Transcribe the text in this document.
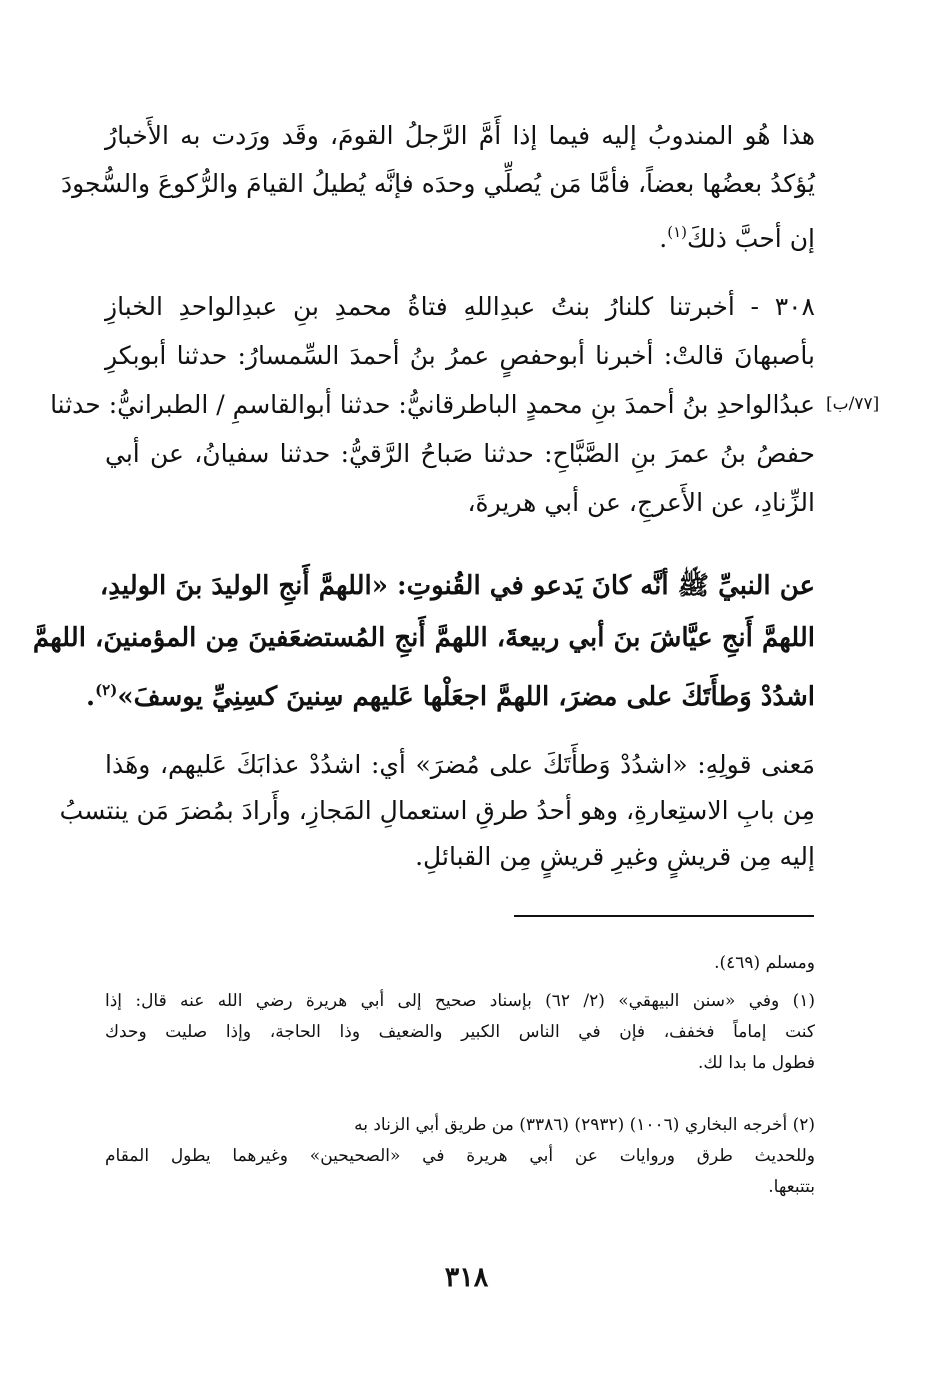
هذا هُو المندوبُ إليه فيما إذا أَمَّ الرَّجلُ القومَ، وقَد ورَدت به الأَخبارُ
يُؤكدُ بعضُها بعضاً، فأمَّا مَن يُصلِّي وحدَه فإنَّه يُطيلُ القيامَ والرُّكوعَ والسُّجودَ
إن أحبَّ ذلكَ$^{(١)}$.
[٧٧/ب]
٣٠٨ - أخبرتنا كلنارُ بنتُ عبدِاللهِ فتاةُ محمدِ بنِ عبدِالواحدِ الخبازِ
بأصبهانَ قالتْ: أخبرنا أبوحفصٍ عمرُ بنُ أحمدَ السِّمسارُ: حدثنا أبوبكرِ
عبدُالواحدِ بنُ أحمدَ بنِ محمدٍ الباطرقانيُّ: حدثنا أبوالقاسمِ / الطبرانيُّ: حدثنا
حفصُ بنُ عمرَ بنِ الصَّبَّاحِ: حدثنا صَباحُ الرَّقيُّ: حدثنا سفيانُ، عن أبي
الزِّنادِ، عن الأَعرجِ، عن أبي هريرةَ،
عن النبيِّ ﷺ أنَّه كانَ يَدعو في القُنوتِ: «اللهمَّ أَنجِ الوليدَ بنَ الوليدِ،
اللهمَّ أَنجِ عيَّاشَ بنَ أبي ربيعةَ، اللهمَّ أَنجِ المُستضعَفينَ مِن المؤمنينَ، اللهمَّ
اشدُدْ وَطأَتَكَ على مضرَ، اللهمَّ اجعَلْها عَليهم سِنينَ كسِنِيِّ يوسفَ»$^{(٢)}$.
مَعنى قولِهِ: «اشدُدْ وَطأَتَكَ على مُضرَ» أي: اشدُدْ عذابَكَ عَليهم، وهَذا
مِن بابِ الاستِعارةِ، وهو أحدُ طرقِ استعمالِ المَجازِ، وأَرادَ بمُضرَ مَن ينتسبُ
إليه مِن قريشٍ وغيرِ قريشٍ مِن القبائلِ.
ومسلم (٤٦٩).
(١) وفي «سنن البيهقي» (٢/ ٦٢) بإسناد صحيح إلى أبي هريرة رضي الله عنه قال: إذا
كنت إماماً فخفف، فإن في الناس الكبير والضعيف وذا الحاجة، وإذا صليت وحدك
فطول ما بدا لك.
(٢) أخرجه البخاري (١٠٠٦) (٢٩٣٢) (٣٣٨٦) من طريق أبي الزناد به
وللحديث طرق وروايات عن أبي هريرة في «الصحيحين» وغيرهما يطول المقام
بتتبعها.
٣١٨
